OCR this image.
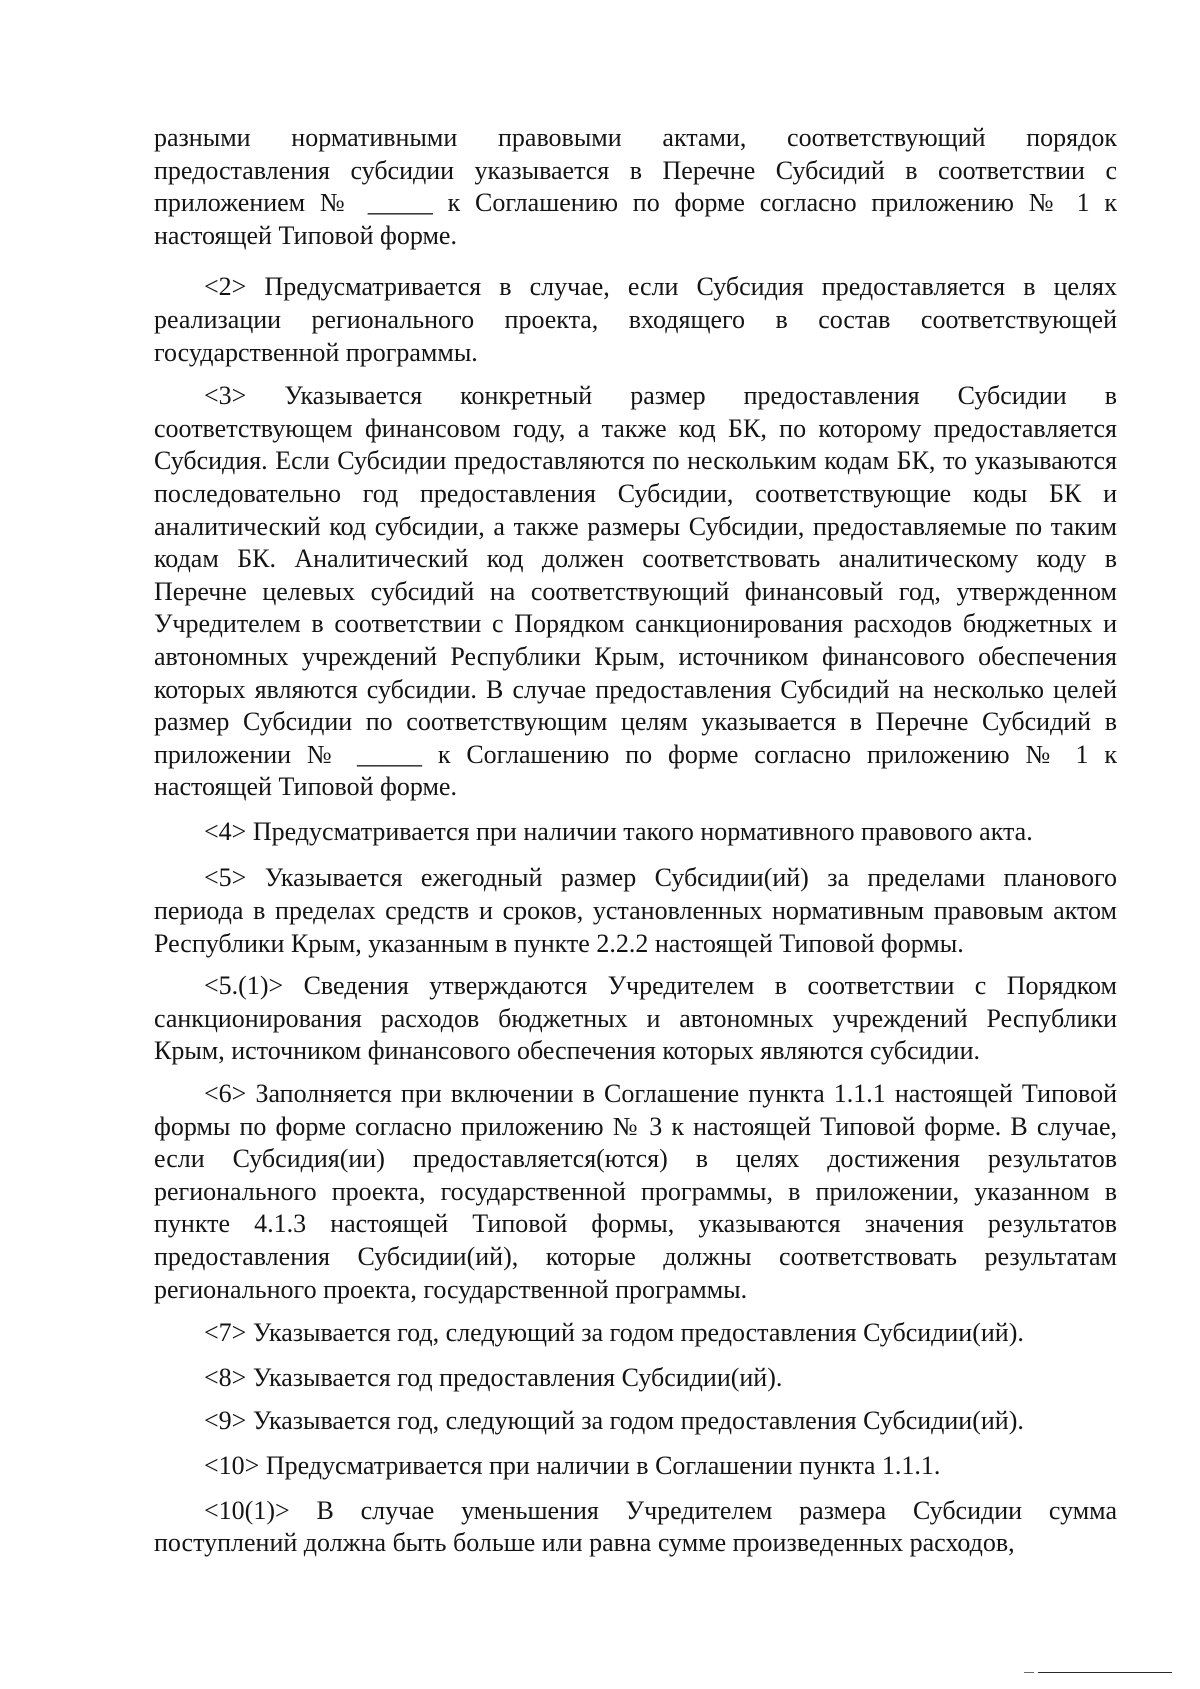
разными нормативными правовыми актами, соответствующий порядок предоставления субсидии указывается в Перечне Субсидий в соответствии с приложением № _____ к Соглашению по форме согласно приложению № 1 к настоящей Типовой форме.

<2> Предусматривается в случае, если Субсидия предоставляется в целях реализации регионального проекта, входящего в состав соответствующей государственной программы.

<3> Указывается конкретный размер предоставления Субсидии в соответствующем финансовом году, а также код БК, по которому предоставляется Субсидия. Если Субсидии предоставляются по нескольким кодам БК, то указываются последовательно год предоставления Субсидии, соответствующие коды БК и аналитический код субсидии, а также размеры Субсидии, предоставляемые по таким кодам БК. Аналитический код должен соответствовать аналитическому коду в Перечне целевых субсидий на соответствующий финансовый год, утвержденном Учредителем в соответствии с Порядком санкционирования расходов бюджетных и автономных учреждений Республики Крым, источником финансового обеспечения которых являются субсидии. В случае предоставления Субсидий на несколько целей размер Субсидии по соответствующим целям указывается в Перечне Субсидий в приложении № _____ к Соглашению по форме согласно приложению № 1 к настоящей Типовой форме.

<4> Предусматривается при наличии такого нормативного правового акта.

<5> Указывается ежегодный размер Субсидии(ий) за пределами планового периода в пределах средств и сроков, установленных нормативным правовым актом Республики Крым, указанным в пункте 2.2.2 настоящей Типовой формы.

<5.(1)> Сведения утверждаются Учредителем в соответствии с Порядком санкционирования расходов бюджетных и автономных учреждений Республики Крым, источником финансового обеспечения которых являются субсидии.

<6> Заполняется при включении в Соглашение пункта 1.1.1 настоящей Типовой формы по форме согласно приложению № 3 к настоящей Типовой форме. В случае, если Субсидия(ии) предоставляется(ются) в целях достижения результатов регионального проекта, государственной программы, в приложении, указанном в пункте 4.1.3 настоящей Типовой формы, указываются значения результатов предоставления Субсидии(ий), которые должны соответствовать результатам регионального проекта, государственной программы.

<7> Указывается год, следующий за годом предоставления Субсидии(ий).

<8> Указывается год предоставления Субсидии(ий).

<9> Указывается год, следующий за годом предоставления Субсидии(ий).

<10> Предусматривается при наличии в Соглашении пункта 1.1.1.

<10(1)> В случае уменьшения Учредителем размера Субсидии сумма поступлений должна быть больше или равна сумме произведенных расходов,
